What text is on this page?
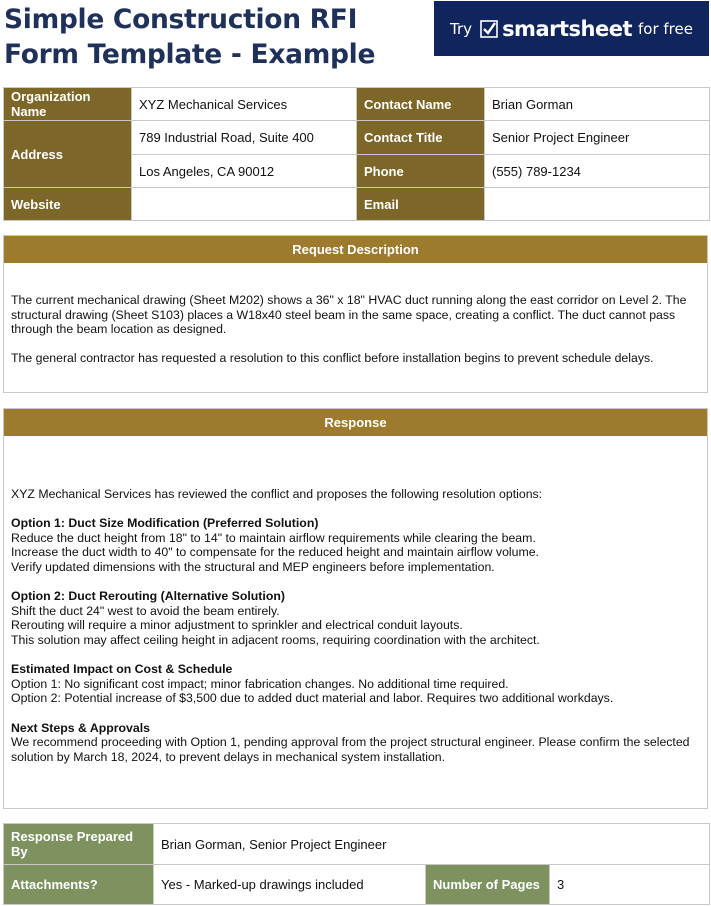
Simple Construction RFI Form Template - Example
Try smartsheet for free
Organization Name	XYZ Mechanical Services	Contact Name	Brian Gorman
Address	789 Industrial Road, Suite 400	Contact Title	Senior Project Engineer
	Los Angeles, CA 90012	Phone	(555) 789-1234
Website		Email	
Request Description

The current mechanical drawing (Sheet M202) shows a 36" x 18" HVAC duct running along the east corridor on Level 2. The structural drawing (Sheet S103) places a W18x40 steel beam in the same space, creating a conflict. The duct cannot pass through the beam location as designed.

The general contractor has requested a resolution to this conflict before installation begins to prevent schedule delays.

Response

XYZ Mechanical Services has reviewed the conflict and proposes the following resolution options:

Option 1: Duct Size Modification (Preferred Solution)

Reduce the duct height from 18" to 14" to maintain airflow requirements while clearing the beam.

Increase the duct width to 40" to compensate for the reduced height and maintain airflow volume.

Verify updated dimensions with the structural and MEP engineers before implementation.

Option 2: Duct Rerouting (Alternative Solution)

Shift the duct 24" west to avoid the beam entirely.

Rerouting will require a minor adjustment to sprinkler and electrical conduit layouts.

This solution may affect ceiling height in adjacent rooms, requiring coordination with the architect.

Estimated Impact on Cost & Schedule

Option 1: No significant cost impact; minor fabrication changes. No additional time required.

Option 2: Potential increase of $3,500 due to added duct material and labor. Requires two additional workdays.

Next Steps & Approvals

We recommend proceeding with Option 1, pending approval from the project structural engineer. Please confirm the selected solution by March 18, 2024, to prevent delays in mechanical system installation.

Response Prepared By	Brian Gorman, Senior Project Engineer		
Attachments?	Yes - Marked-up drawings included	Number of Pages	3
